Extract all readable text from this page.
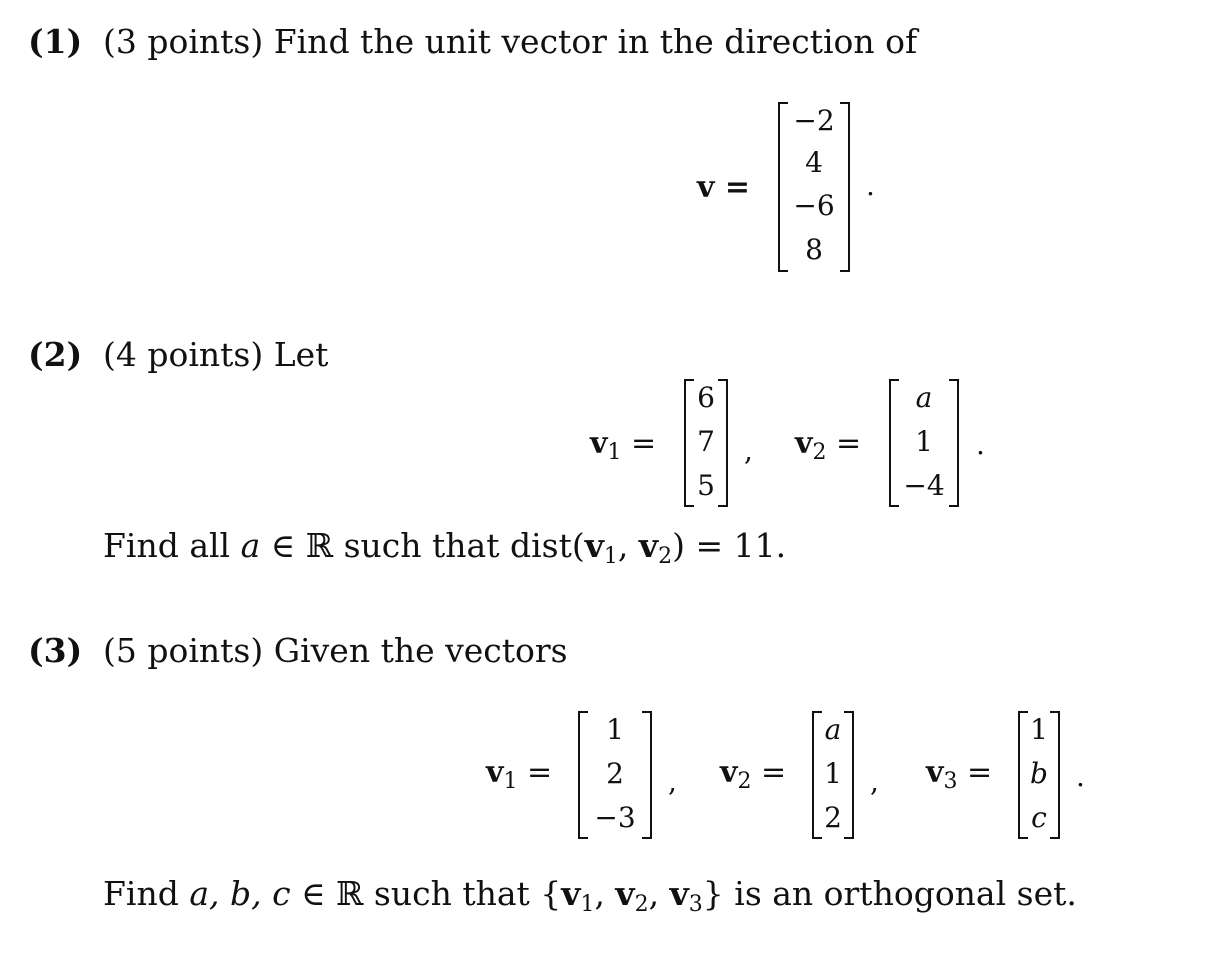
(1) (3 points) Find the unit vector in the direction of
v =
−2
4
−6
8
.
(2) (4 points) Let
$v_1$ =
6
7
5
, $v_2$ =
a
1
−4
.
Find all a ∈ ℝ such that $dist(v_1$, $v_2) = 11$.
(3) (5 points) Given the vectors
$v_1$ =
1
2
−3
, $v_2$ =
a
1
2
, $v_3$ =
1
b
c
.
Find a, b, c ∈ ℝ such that {$v_1$, $v_2$, $v_3$} is an orthogonal set.
